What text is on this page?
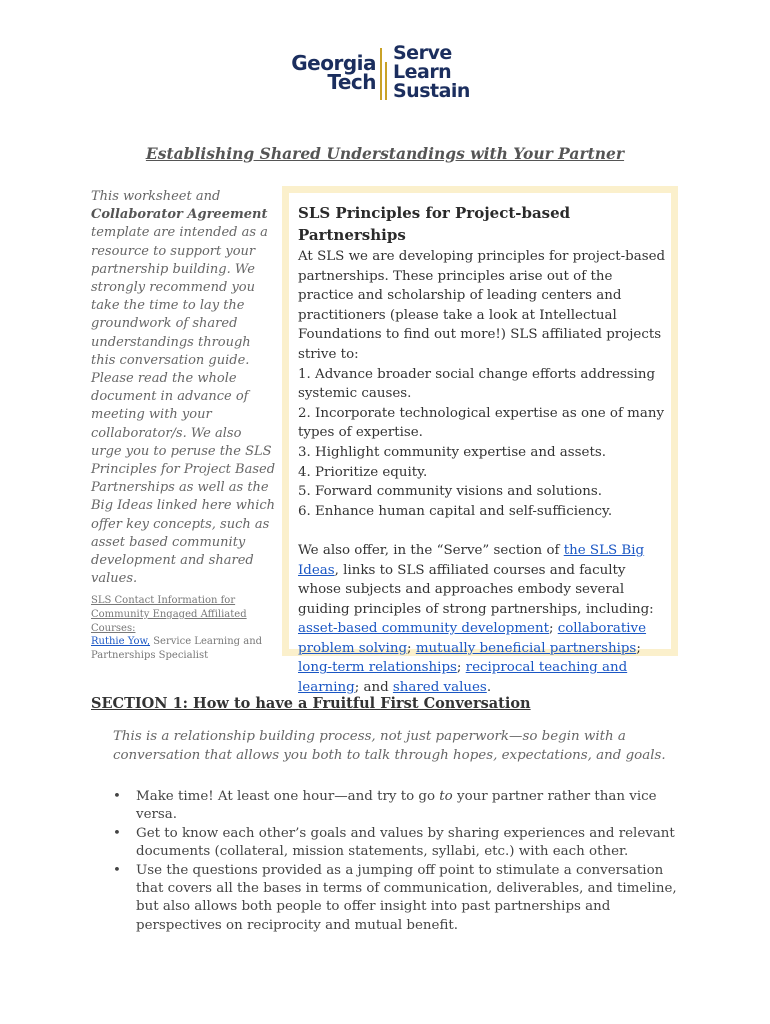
Georgia
Tech
Serve
Learn
Sustain
Establishing Shared Understandings with Your Partner
This worksheet and Collaborator Agreement template are intended as a resource to support your partnership building. We strongly recommend you take the time to lay the groundwork of shared understandings through this conversation guide. Please read the whole document in advance of meeting with your collaborator/s. We also urge you to peruse the SLS Principles for Project Based Partnerships as well as the Big Ideas linked here which offer key concepts, such as asset based community development and shared values.
SLS Contact Information for Community Engaged Affiliated Courses:
Ruthie Yow, Service Learning and Partnerships Specialist
SLS Principles for Project-based Partnerships

At SLS we are developing principles for project-based partnerships. These principles arise out of the practice and scholarship of leading centers and practitioners (please take a look at Intellectual Foundations to find out more!) SLS affiliated projects strive to:

1. Advance broader social change efforts addressing systemic causes.

2. Incorporate technological expertise as one of many types of expertise.

3. Highlight community expertise and assets.

4. Prioritize equity.

5. Forward community visions and solutions.

6. Enhance human capital and self-sufficiency.

We also offer, in the “Serve” section of the SLS Big Ideas, links to SLS affiliated courses and faculty whose subjects and approaches embody several guiding principles of strong partnerships, including: asset-based community development; collaborative problem solving; mutually beneficial partnerships; long-term relationships; reciprocal teaching and learning; and shared values.

SECTION 1: How to have a Fruitful First Conversation
This is a relationship building process, not just paperwork—so begin with a conversation that allows you both to talk through hopes, expectations, and goals.
• Make time! At least one hour—and try to go to your partner rather than vice versa.
• Get to know each other’s goals and values by sharing experiences and relevant documents (collateral, mission statements, syllabi, etc.) with each other.
• Use the questions provided as a jumping off point to stimulate a conversation that covers all the bases in terms of communication, deliverables, and timeline, but also allows both people to offer insight into past partnerships and perspectives on reciprocity and mutual benefit.
